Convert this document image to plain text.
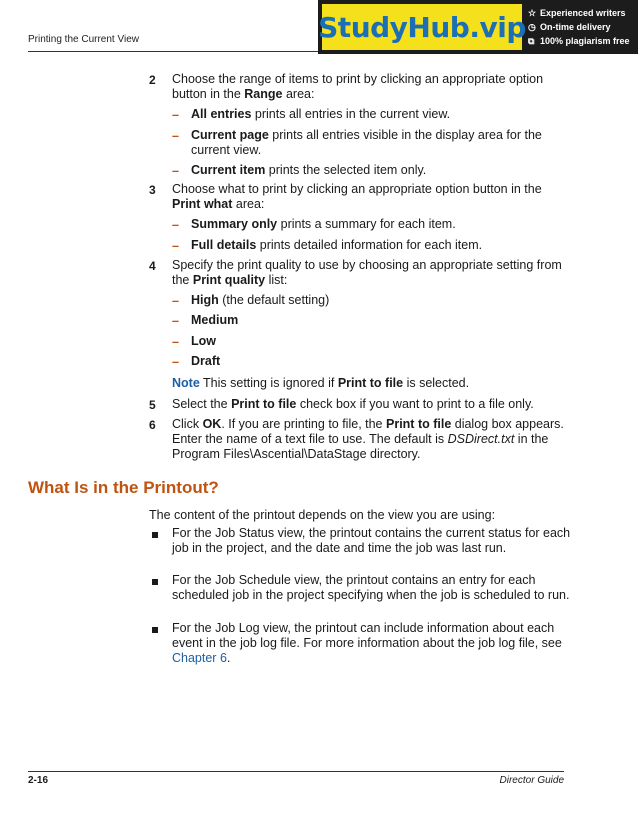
Printing the Current View	StudyHub.vip ☆ Experienced writers
◷ On-time delivery
⧉ 100% plagiarism free
2 Choose the range of items to print by clicking an appropriate option button in the Range area:
– All entries prints all entries in the current view.
– Current page prints all entries visible in the display area for the current view.
– Current item prints the selected item only.
3 Choose what to print by clicking an appropriate option button in the Print what area:
– Summary only prints a summary for each item.
– Full details prints detailed information for each item.
4 Specify the print quality to use by choosing an appropriate setting from the Print quality list:
– High (the default setting)
– Medium
– Low
– Draft
Note This setting is ignored if Print to file is selected.
5 Select the Print to file check box if you want to print to a file only.
6 Click OK. If you are printing to file, the Print to file dialog box appears. Enter the name of a text file to use. The default is DSDirect.txt in the Program Files\Ascential\DataStage directory.
What Is in the Printout?
The content of the printout depends on the view you are using:
For the Job Status view, the printout contains the current status for each job in the project, and the date and time the job was last run.
For the Job Schedule view, the printout contains an entry for each scheduled job in the project specifying when the job is scheduled to run.
For the Job Log view, the printout can include information about each event in the job log file. For more information about the job log file, see Chapter 6.
2-16	Director Guide
